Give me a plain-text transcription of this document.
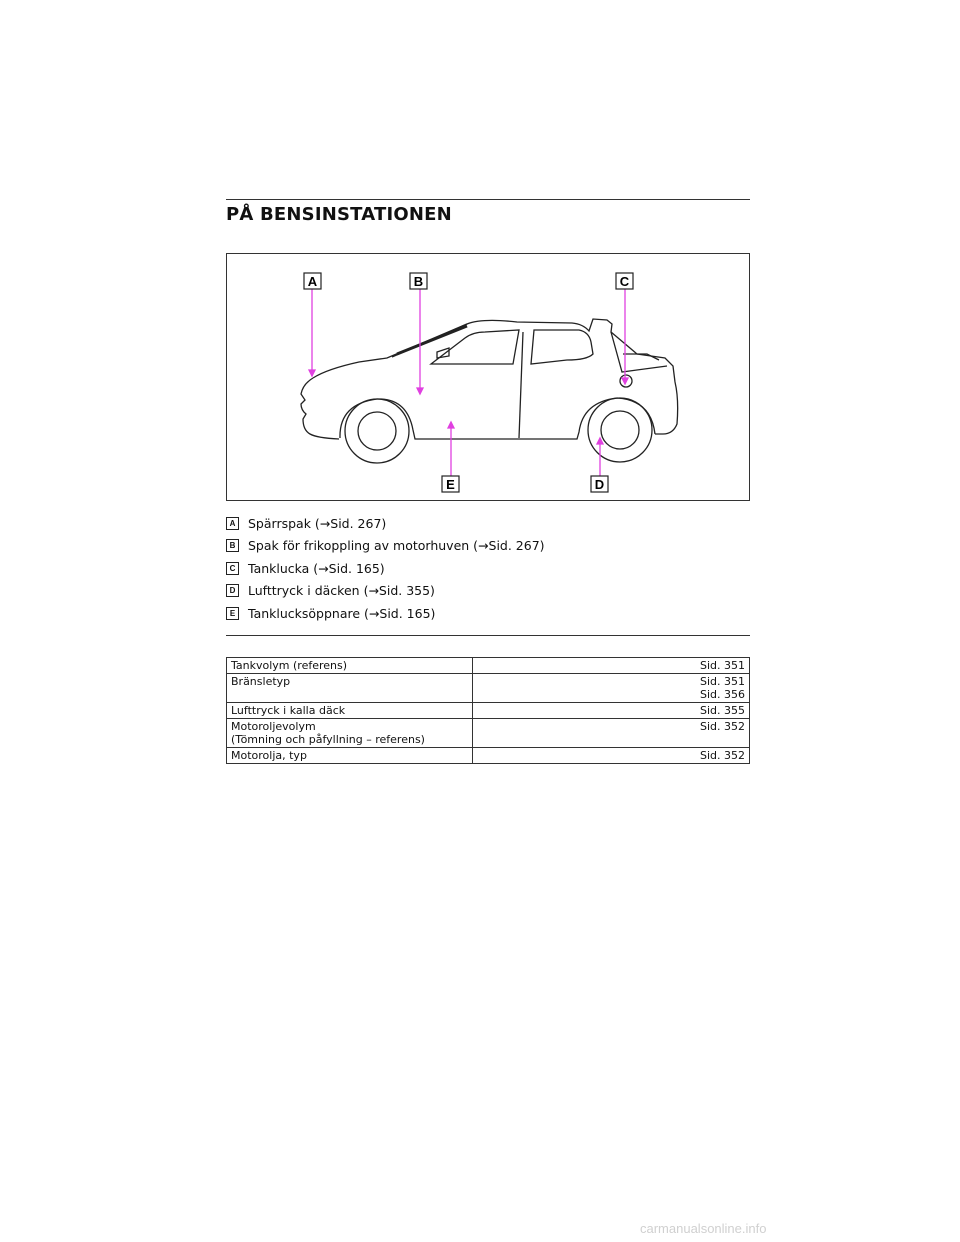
PÅ BENSINSTATIONEN
A	B	C
D
E
A Spärrspak (→Sid. 267)
B Spak för frikoppling av motorhuven (→Sid. 267)
C Tanklucka (→Sid. 165)
D Lufttryck i däcken (→Sid. 355)
E	Tanklucksöppnare (→Sid. 165)
Tankvolym (referens)	Sid. 351

Bränsletyp	Sid. 351
Sid. 356

Lufttryck i kalla däck	Sid. 355

Motoroljevolym
(Tömning och påfyllning – referens)	Sid. 352

Motorolja, typ	Sid. 352
carmanualsonline.info
